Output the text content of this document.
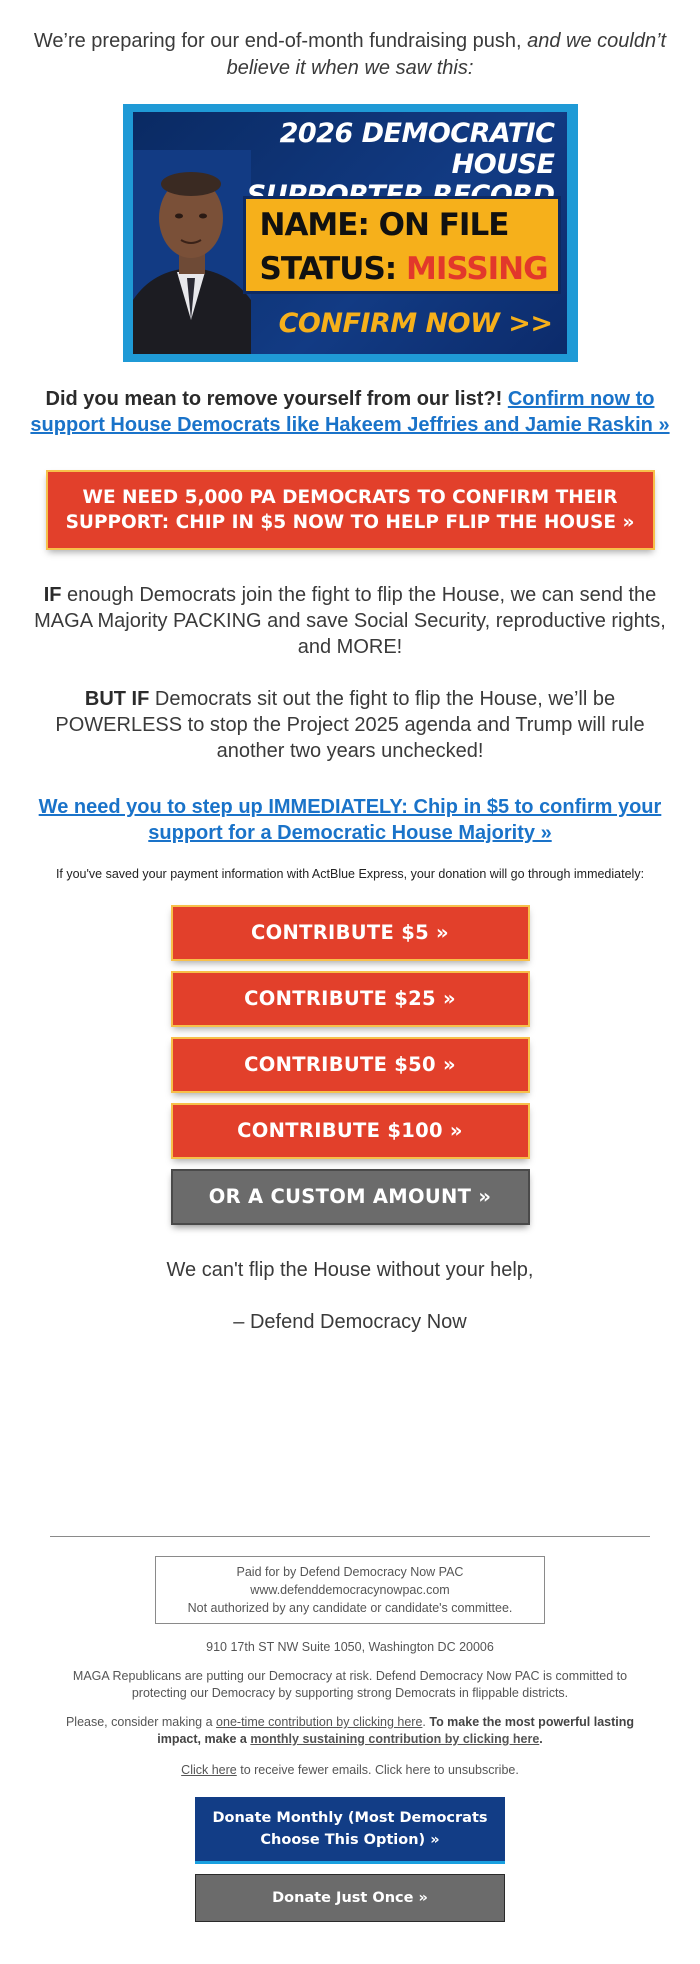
We’re preparing for our end-of-month fundraising push, and we couldn’t believe it when we saw this:

2026 DEMOCRATIC HOUSE
NAME: ON FILE
STATUS: MISSING
CONFIRM NOW >>

Did you mean to remove yourself from our list?! Confirm now to support House Democrats like Hakeem Jeffries and Jamie Raskin »

WE NEED 5,000 PA DEMOCRATS TO CONFIRM THEIR SUPPORT: CHIP IN $5 NOW TO HELP FLIP THE HOUSE »

IF enough Democrats join the fight to flip the House, we can send the MAGA Majority PACKING and save Social Security, reproductive rights, and MORE!

BUT IF Democrats sit out the fight to flip the House, we’ll be POWERLESS to stop the Project 2025 agenda and Trump will rule another two years unchecked!

We need you to step up IMMEDIATELY: Chip in $5 to confirm your support for a Democratic House Majority »

If you've saved your payment information with ActBlue Express, your donation will go through immediately:

CONTRIBUTE $5 »
CONTRIBUTE $25 »
CONTRIBUTE $50 »
CONTRIBUTE $100 »
OR A CUSTOM AMOUNT »

We can't flip the House without your help,

– Defend Democracy Now

Paid for by Defend Democracy Now PAC
www.defenddemocracynowpac.com
Not authorized by any candidate or candidate's committee.

910 17th ST NW Suite 1050, Washington DC 20006

MAGA Republicans are putting our Democracy at risk. Defend Democracy Now PAC is committed to protecting our Democracy by supporting strong Democrats in flippable districts.

Please, consider making a one-time contribution by clicking here. To make the most powerful lasting impact, make a monthly sustaining contribution by clicking here.

Click here to receive fewer emails. Click here to unsubscribe.

Donate Monthly (Most Democrats Choose This Option) »
Donate Just Once »
